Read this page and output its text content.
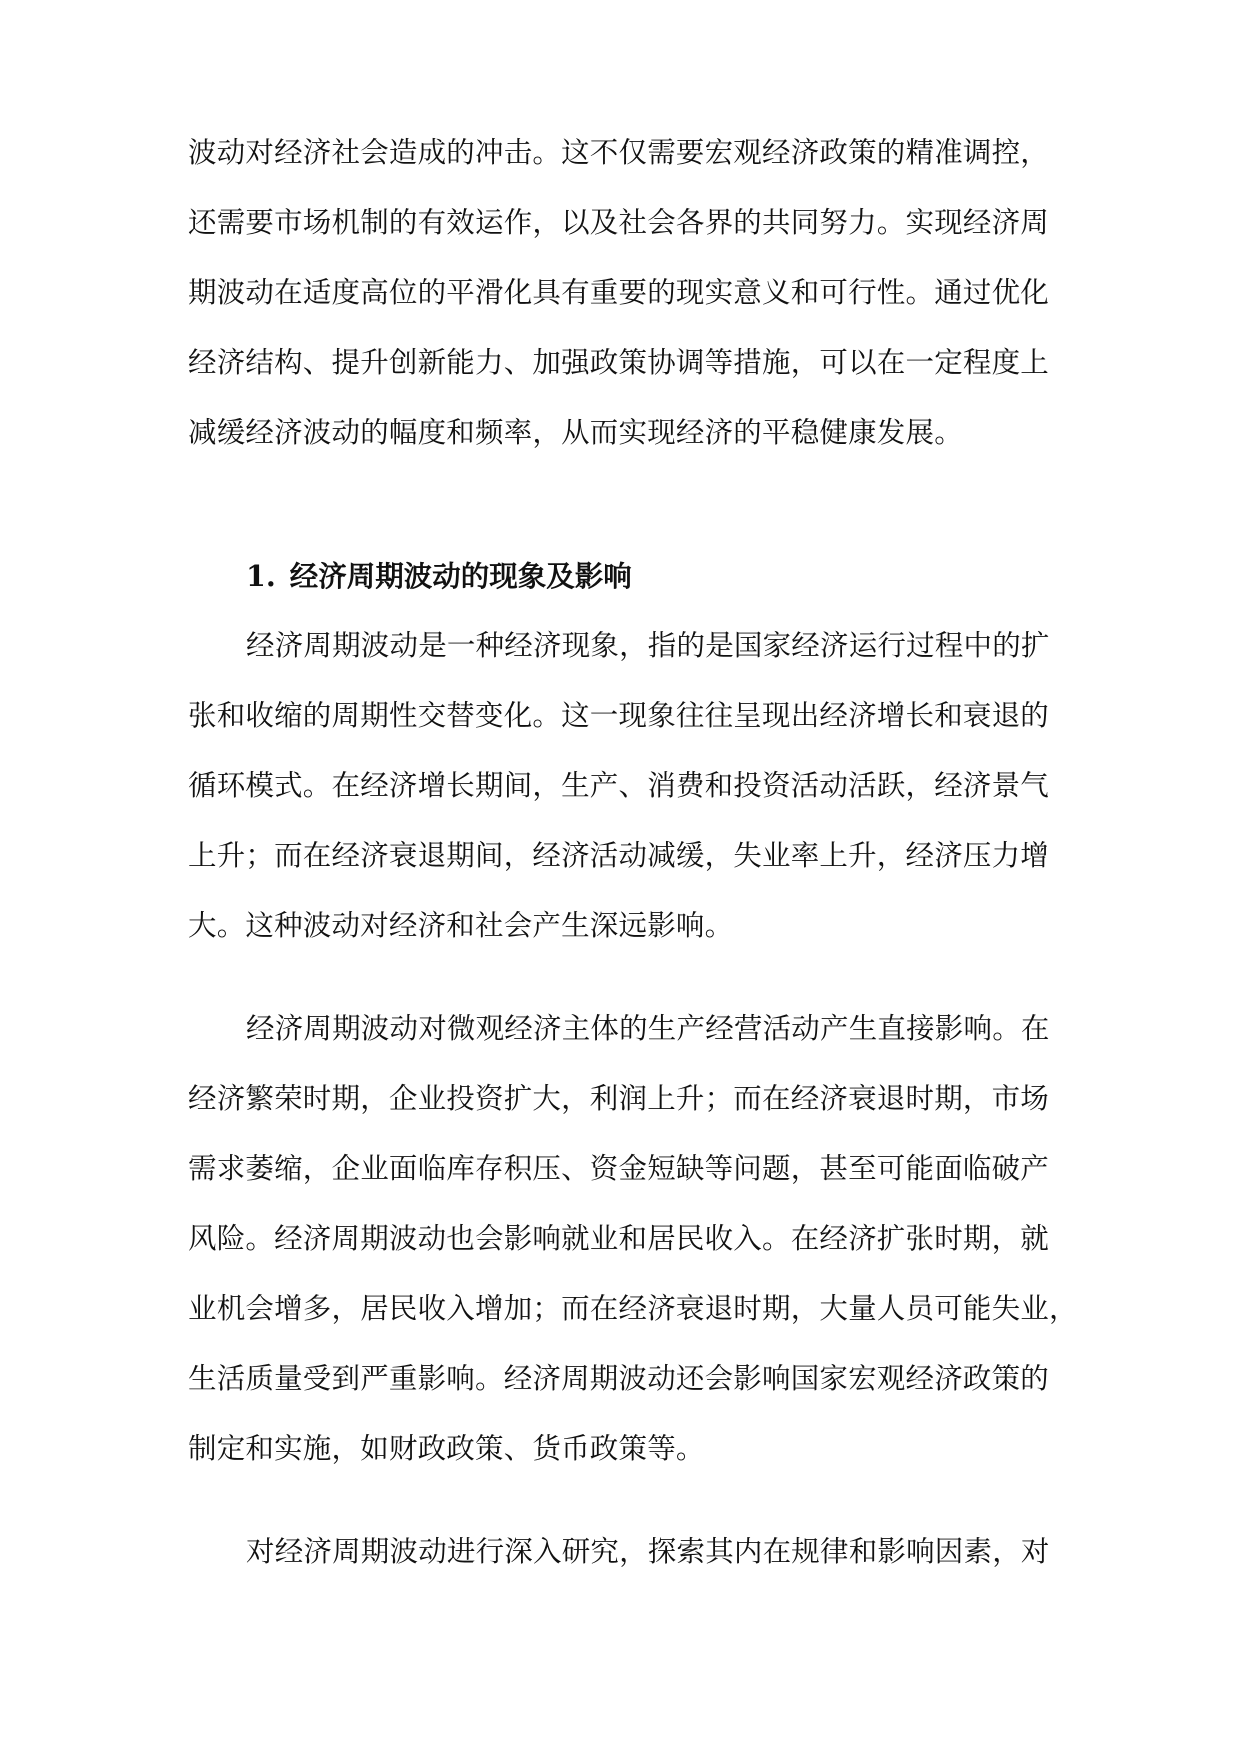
波动对经济社会造成的冲击。这不仅需要宏观经济政策的精准调控，
还需要市场机制的有效运作，以及社会各界的共同努力。实现经济周
期波动在适度高位的平滑化具有重要的现实意义和可行性。通过优化
经济结构、提升创新能力、加强政策协调等措施，可以在一定程度上
减缓经济波动的幅度和频率，从而实现经济的平稳健康发展。
1. 经济周期波动的现象及影响
经济周期波动是一种经济现象，指的是国家经济运行过程中的扩
张和收缩的周期性交替变化。这一现象往往呈现出经济增长和衰退的
循环模式。在经济增长期间，生产、消费和投资活动活跃，经济景气
上升；而在经济衰退期间，经济活动减缓，失业率上升，经济压力增
大。这种波动对经济和社会产生深远影响。
经济周期波动对微观经济主体的生产经营活动产生直接影响。在
经济繁荣时期，企业投资扩大，利润上升；而在经济衰退时期，市场
需求萎缩，企业面临库存积压、资金短缺等问题，甚至可能面临破产
风险。经济周期波动也会影响就业和居民收入。在经济扩张时期，就
业机会增多，居民收入增加；而在经济衰退时期，大量人员可能失业，
生活质量受到严重影响。经济周期波动还会影响国家宏观经济政策的
制定和实施，如财政政策、货币政策等。
对经济周期波动进行深入研究，探索其内在规律和影响因素，对
